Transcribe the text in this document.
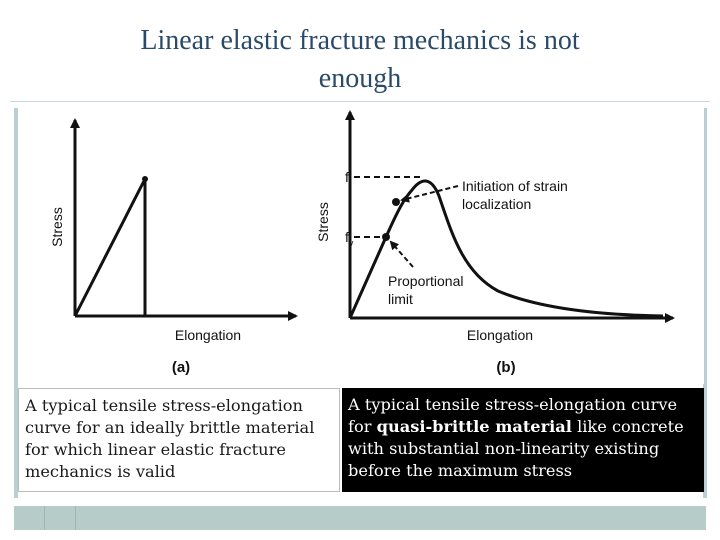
Linear elastic fracture mechanics is not
enough
Stress
Elongation
(a)
Stress
$f_t$
$f_y$
Initiation of strain
localization
Proportional
limit
Elongation
(b)
A typical tensile stress-elongation curve for an ideally brittle material for which linear elastic fracture mechanics is valid
A typical tensile stress-elongation curve for quasi-brittle material like concrete with substantial non-linearity existing before the maximum stress
